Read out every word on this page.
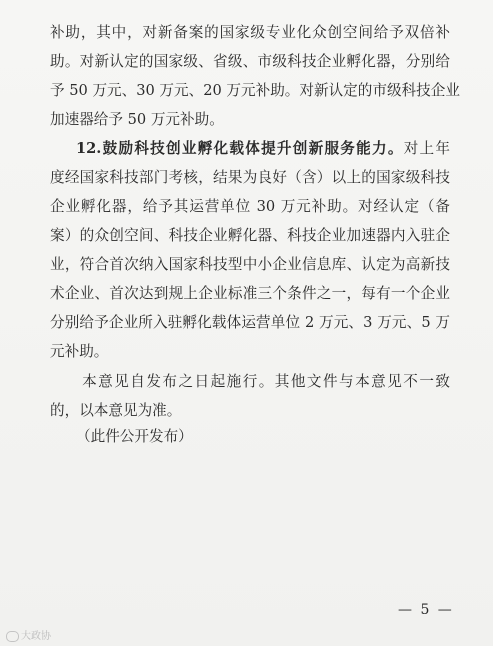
补助，其中，对新备案的国家级专业化众创空间给予双倍补
助。对新认定的国家级、省级、市级科技企业孵化器，分别给
予 50 万元、30 万元、20 万元补助。对新认定的市级科技企业
加速器给予 50 万元补助。
12.鼓励科技创业孵化载体提升创新服务能力。对上年
度经国家科技部门考核，结果为良好（含）以上的国家级科技
企业孵化器，给予其运营单位 30 万元补助。对经认定（备
案）的众创空间、科技企业孵化器、科技企业加速器内入驻企
业，符合首次纳入国家科技型中小企业信息库、认定为高新技
术企业、首次达到规上企业标准三个条件之一，每有一个企业
分别给予企业所入驻孵化载体运营单位 2 万元、3 万元、5 万
元补助。
　　本意见自发布之日起施行。其他文件与本意见不一致
的，以本意见为准。
（此件公开发布）
— 5 —
大政协
